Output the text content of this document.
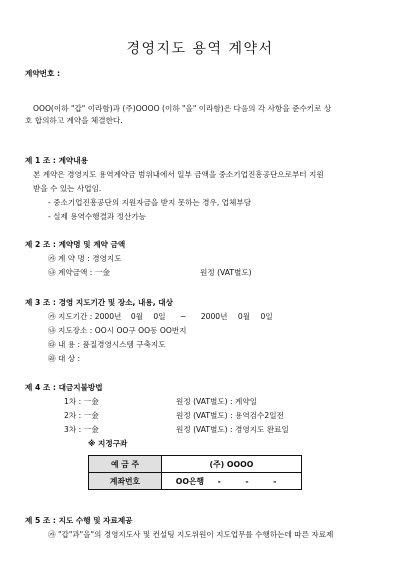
경영지도 용역 계약서
계약번호 :
OOO(이하 "갑" 이라함)과 (주)OOOO (이하 "을" 이라함)은 다음의 각 사항을 준수키로 상
호 합의하고 계약을 체결한다.
제 1 조 : 계약내용
본 계약은 경영지도 용역계약금 범위내에서 일부 금액을 중소기업진흥공단으로부터 지원
받을 수 있는 사업임.
- 중소기업진흥공단의 지원자금을 받지 못하는 경우, 업체부담
- 실제 용역수행결과 정산가능
제 2 조 : 계약명 및 계약 금액
㉮ 계 약 명 : 경영지도
㉯ 계약금액 : 一金	원정 (VAT별도)
제 3 조 : 경영 지도기간 및 장소, 내용, 대상
㉮ 지도기간 : 2000년 0월 0일 ~ 2000년 0월 0일
㉯ 지도장소 : OO시 OO구 OO동 OO번지
㉰ 내 용 : 품질경영시스템 구축지도
㉱ 대 상 :
제 4 조 : 대금지불방법
1차 : 一金	원정 (VAT별도) : 계약일
2차 : 一金	원정 (VAT별도) : 용역검수2일전
3차 : 一金	원정 (VAT별도) : 경영지도 완료일
※ 지정구좌
예 금 주	(주) OOOO
계좌번호	OO은행 - - -
제 5 조 : 지도 수행 및 자료제공
㉮ "갑"과"을"의 경영지도사 및 컨설팅 지도위원이 지도업무를 수행하는데 따른 자료제
